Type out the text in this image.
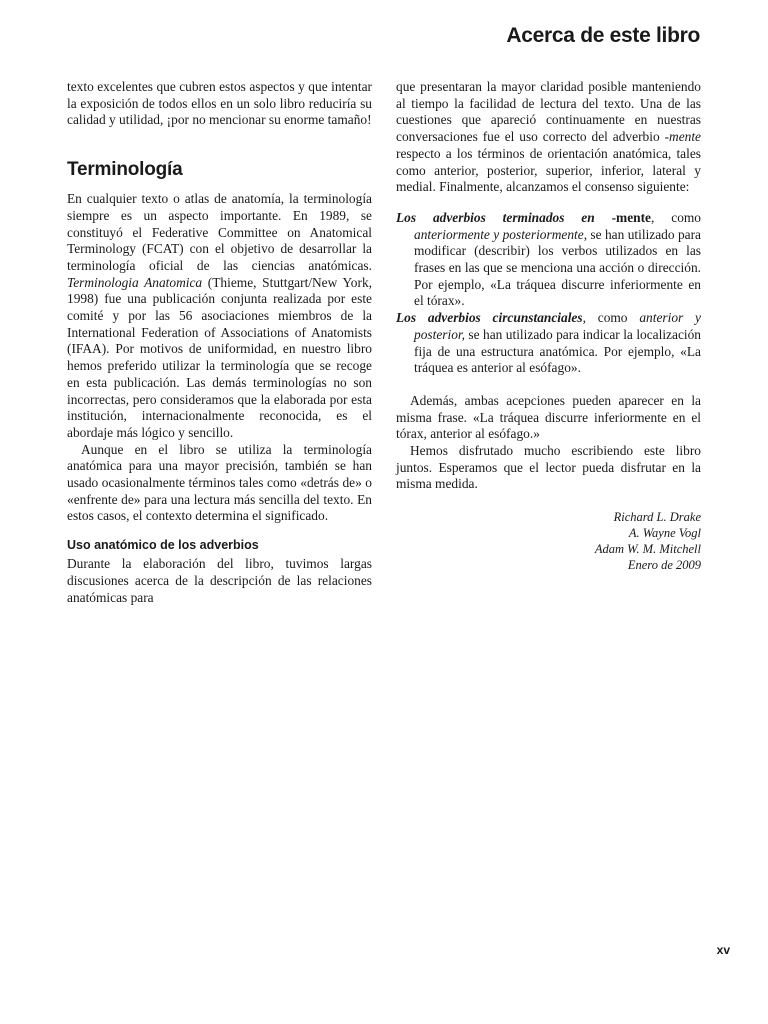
Acerca de este libro

texto excelentes que cubren estos aspectos y que intentar la exposición de todos ellos en un solo libro reduciría su calidad y utilidad, ¡por no mencionar su enorme tamaño!

Terminología

En cualquier texto o atlas de anatomía, la terminología siempre es un aspecto importante. En 1989, se constituyó el Federative Committee on Anatomical Terminology (FCAT) con el objetivo de desarrollar la terminología oficial de las ciencias anatómicas. Terminologia Anatomica (Thieme, Stuttgart/New York, 1998) fue una publicación conjunta realizada por este comité y por las 56 asociaciones miembros de la International Federation of Associations of Anatomists (IFAA). Por motivos de uniformidad, en nuestro libro hemos preferido utilizar la terminología que se recoge en esta publicación. Las demás terminologías no son incorrectas, pero consideramos que la elaborada por esta institución, internacionalmente reconocida, es el abordaje más lógico y sencillo.

Aunque en el libro se utiliza la terminología anatómica para una mayor precisión, también se han usado ocasionalmente términos tales como «detrás de» o «enfrente de» para una lectura más sencilla del texto. En estos casos, el contexto determina el significado.

Uso anatómico de los adverbios

Durante la elaboración del libro, tuvimos largas discusiones acerca de la descripción de las relaciones anatómicas para

que presentaran la mayor claridad posible manteniendo al tiempo la facilidad de lectura del texto. Una de las cuestiones que apareció continuamente en nuestras conversaciones fue el uso correcto del adverbio -mente respecto a los términos de orientación anatómica, tales como anterior, posterior, superior, inferior, lateral y medial. Finalmente, alcanzamos el consenso siguiente:

Los adverbios terminados en -mente, como anteriormente y posteriormente, se han utilizado para modificar (describir) los verbos utilizados en las frases en las que se menciona una acción o dirección. Por ejemplo, «La tráquea discurre inferiormente en el tórax».

Los adverbios circunstanciales, como anterior y posterior, se han utilizado para indicar la localización fija de una estructura anatómica. Por ejemplo, «La tráquea es anterior al esófago».

Además, ambas acepciones pueden aparecer en la misma frase. «La tráquea discurre inferiormente en el tórax, anterior al esófago.»

Hemos disfrutado mucho escribiendo este libro juntos. Esperamos que el lector pueda disfrutar en la misma medida.

Richard L. Drake
A. Wayne Vogl
Adam W. M. Mitchell
Enero de 2009
xv
